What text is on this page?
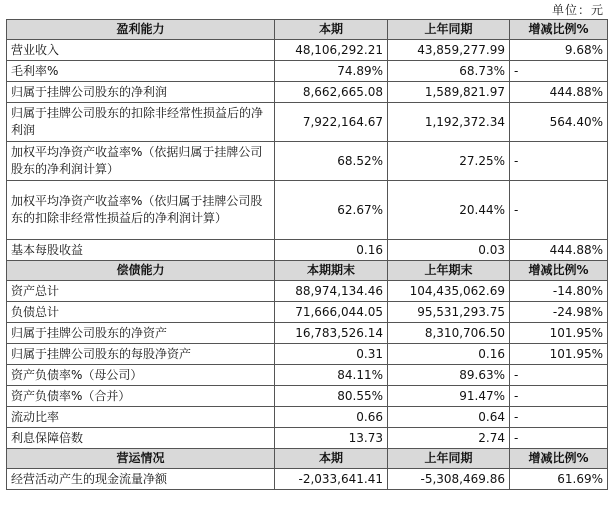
单位：元
盈利能力	本期	上年同期	增减比例%
营业收入	48,106,292.21	43,859,277.99	9.68%
毛利率%	74.89%	68.73%	-
归属于挂牌公司股东的净利润	8,662,665.08	1,589,821.97	444.88%
归属于挂牌公司股东的扣除非经常性损益后的净利润	7,922,164.67	1,192,372.34	564.40%
加权平均净资产收益率%（依据归属于挂牌公司股东的净利润计算）	68.52%	27.25%	-
加权平均净资产收益率%（依归属于挂牌公司股东的扣除非经常性损益后的净利润计算）	62.67%	20.44%	-
基本每股收益	0.16	0.03	444.88%
偿债能力	本期期末	上年期末	增减比例%
资产总计	88,974,134.46	104,435,062.69	-14.80%
负债总计	71,666,044.05	95,531,293.75	-24.98%
归属于挂牌公司股东的净资产	16,783,526.14	8,310,706.50	101.95%
归属于挂牌公司股东的每股净资产	0.31	0.16	101.95%
资产负债率%（母公司）	84.11%	89.63%	-
资产负债率%（合并）	80.55%	91.47%	-
流动比率	0.66	0.64	-
利息保障倍数	13.73	2.74	-
营运情况	本期	上年同期	增减比例%
经营活动产生的现金流量净额	-2,033,641.41	-5,308,469.86	61.69%
